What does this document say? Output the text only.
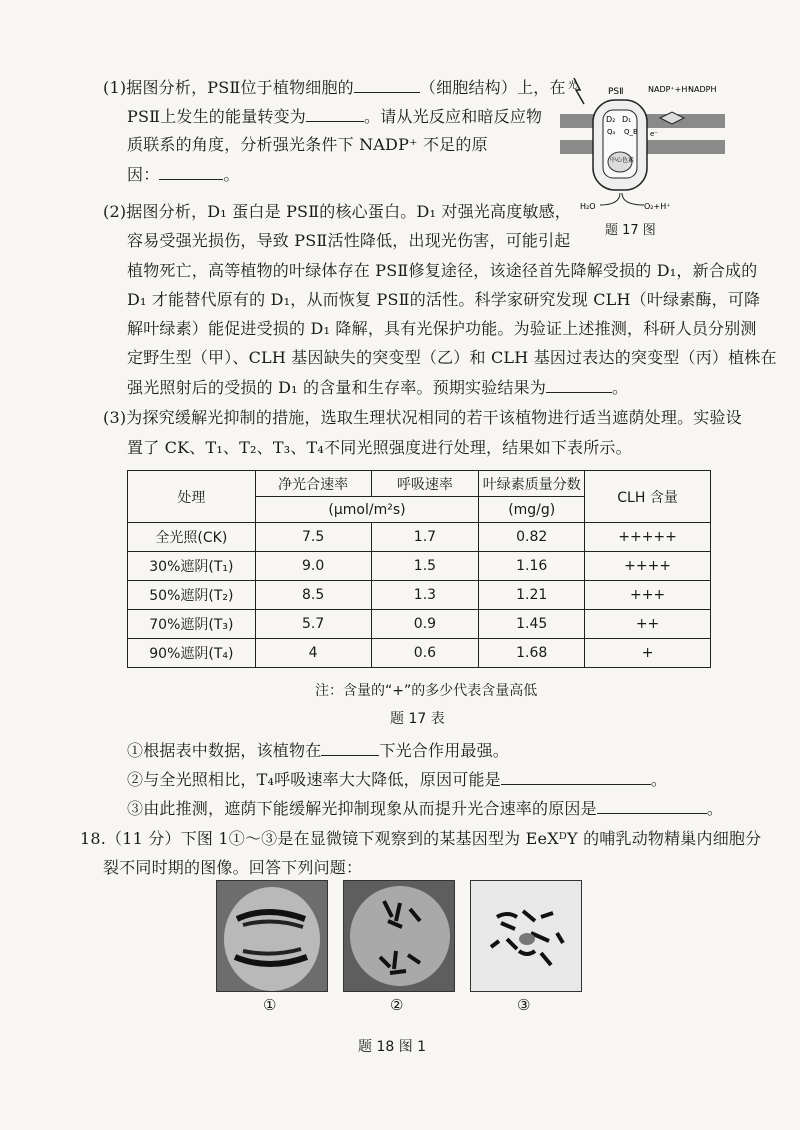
(1)据图分析，PSⅡ位于植物细胞的	（细胞结构）上，在
PSⅡ上发生的能量转变为	。请从光反应和暗反应物
质联系的角度，分析强光条件下 NADP⁺ 不足的原
因：	。
光
PSⅡ	NADP⁺+H⁺
NADPH
D₂ D₁
Qₐ Q_B e⁻
中心色素
H₂O	O₂+H⁺
题 17 图
(2)据图分析，D₁ 蛋白是 PSⅡ的核心蛋白。D₁ 对强光高度敏感，
容易受强光损伤，导致 PSⅡ活性降低，出现光伤害，可能引起
植物死亡，高等植物的叶绿体存在 PSⅡ修复途径，该途径首先降解受损的 D₁，新合成的
D₁ 才能替代原有的 D₁，从而恢复 PSⅡ的活性。科学家研究发现 CLH（叶绿素酶，可降
解叶绿素）能促进受损的 D₁ 降解，具有光保护功能。为验证上述推测，科研人员分别测
定野生型（甲）、CLH 基因缺失的突变型（乙）和 CLH 基因过表达的突变型（丙）植株在
强光照射后的受损的 D₁ 的含量和生存率。预期实验结果为	。
(3)为探究缓解光抑制的措施，选取生理状况相同的若干该植物进行适当遮荫处理。实验设
置了 CK、T₁、T₂、T₃、T₄不同光照强度进行处理，结果如下表所示。
处理	净光合速率	呼吸速率	叶绿素质量分数	CLH 含量
	(μmol/m²s)		(mg/g)	
全光照(CK)	7.5	1.7	0.82	+++++
30%遮阴(T₁)	9.0	1.5	1.16	++++
50%遮阴(T₂)	8.5	1.3	1.21	+++
70%遮阴(T₃)	5.7	0.9	1.45	++
90%遮阴(T₄)	4	0.6	1.68	+
注：含量的“+”的多少代表含量高低
题 17 表
①根据表中数据，该植物在	下光合作用最强。
②与全光照相比，T₄呼吸速率大大降低，原因可能是	。
③由此推测，遮荫下能缓解光抑制现象从而提升光合速率的原因是	。
18.（11 分）下图 1①～③是在显微镜下观察到的某基因型为 EeXᴰY 的哺乳动物精巢内细胞分
裂不同时期的图像。回答下列问题：
①	②	③
题 18 图 1
